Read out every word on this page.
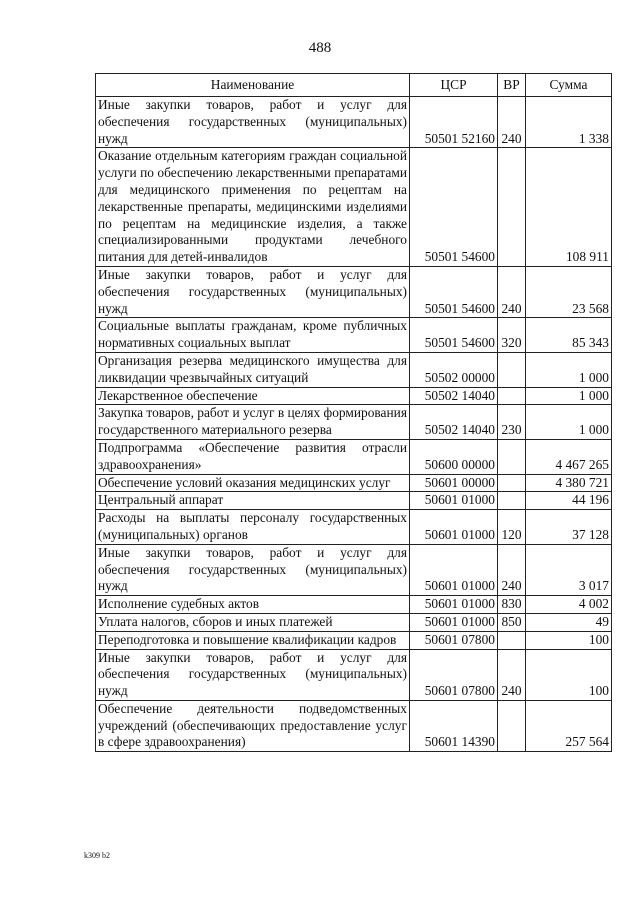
488
Наименование	ЦСР	ВР	Сумма
Иные закупки товаров, работ и услуг для обеспечения государственных (муниципальных) нужд	50501 52160	240	1 338
Оказание отдельным категориям граждан социальной услуги по обеспечению лекарственными препаратами для медицинского применения по рецептам на лекарственные препараты, медицинскими изделиями по рецептам на медицинские изделия, а также специализированными продуктами лечебного питания для детей-инвалидов	50501 54600		108 911
Иные закупки товаров, работ и услуг для обеспечения государственных (муниципальных) нужд	50501 54600	240	23 568
Социальные выплаты гражданам, кроме публичных нормативных социальных выплат	50501 54600	320	85 343
Организация резерва медицинского имущества для ликвидации чрезвычайных ситуаций	50502 00000		1 000
Лекарственное обеспечение	50502 14040		1 000
Закупка товаров, работ и услуг в целях формирования государственного материального резерва	50502 14040	230	1 000
Подпрограмма «Обеспечение развития отрасли здравоохранения»	50600 00000		4 467 265
Обеспечение условий оказания медицинских услуг	50601 00000		4 380 721
Центральный аппарат	50601 01000		44 196
Расходы на выплаты персоналу государственных (муниципальных) органов	50601 01000	120	37 128
Иные закупки товаров, работ и услуг для обеспечения государственных (муниципальных) нужд	50601 01000	240	3 017
Исполнение судебных актов	50601 01000	830	4 002
Уплата налогов, сборов и иных платежей	50601 01000	850	49
Переподготовка и повышение квалификации кадров	50601 07800		100
Иные закупки товаров, работ и услуг для обеспечения государственных (муниципальных) нужд	50601 07800	240	100
Обеспечение деятельности подведомственных учреждений (обеспечивающих предоставление услуг в сфере здравоохранения)	50601 14390		257 564
k309 b2
